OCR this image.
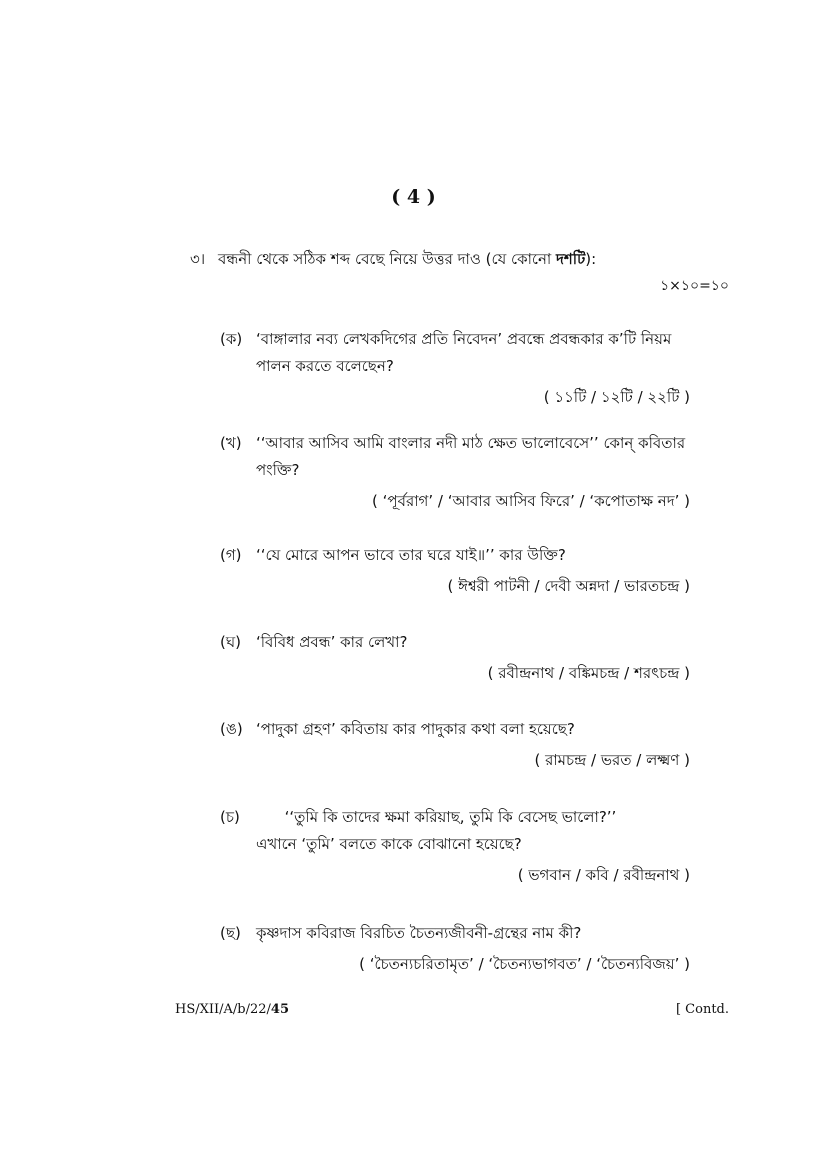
( 4 )
৩। বন্ধনী থেকে সঠিক শব্দ বেছে নিয়ে উত্তর দাও (যে কোনো দশটি):
১×১০=১০
(ক) ‘বাঙ্গালার নব্য লেখকদিগের প্রতি নিবেদন’ প্রবন্ধে প্রবন্ধকার ক’টি নিয়ম
পালন করতে বলেছেন?
( ১১টি / ১২টি / ২২টি )
(খ) ‘‘আবার আসিব আমি বাংলার নদী মাঠ ক্ষেত ভালোবেসে’’ কোন্ কবিতার
পংক্তি?
( ‘পূর্বরাগ’ / ‘আবার আসিব ফিরে’ / ‘কপোতাক্ষ নদ’ )
(গ) ‘‘যে মোরে আপন ভাবে তার ঘরে যাই॥’’ কার উক্তি?
( ঈশ্বরী পাটনী / দেবী অন্নদা / ভারতচন্দ্র )
(ঘ) ‘বিবিধ প্রবন্ধ’ কার লেখা?
( রবীন্দ্রনাথ / বঙ্কিমচন্দ্র / শরৎচন্দ্র )
(ঙ) ‘পাদুকা গ্রহণ’ কবিতায় কার পাদুকার কথা বলা হয়েছে?
( রামচন্দ্র / ভরত / লক্ষ্মণ )
(চ) ‘‘তুমি কি তাদের ক্ষমা করিয়াছ, তুমি কি বেসেছ ভালো?’’
এখানে ‘তুমি’ বলতে কাকে বোঝানো হয়েছে?
( ভগবান / কবি / রবীন্দ্রনাথ )
(ছ) কৃষ্ণদাস কবিরাজ বিরচিত চৈতন্যজীবনী-গ্রন্থের নাম কী?
( ‘চৈতন্যচরিতামৃত’ / ‘চৈতন্যভাগবত’ / ‘চৈতন্যবিজয়’ )
HS/XII/A/b/22/45	[ Contd.
